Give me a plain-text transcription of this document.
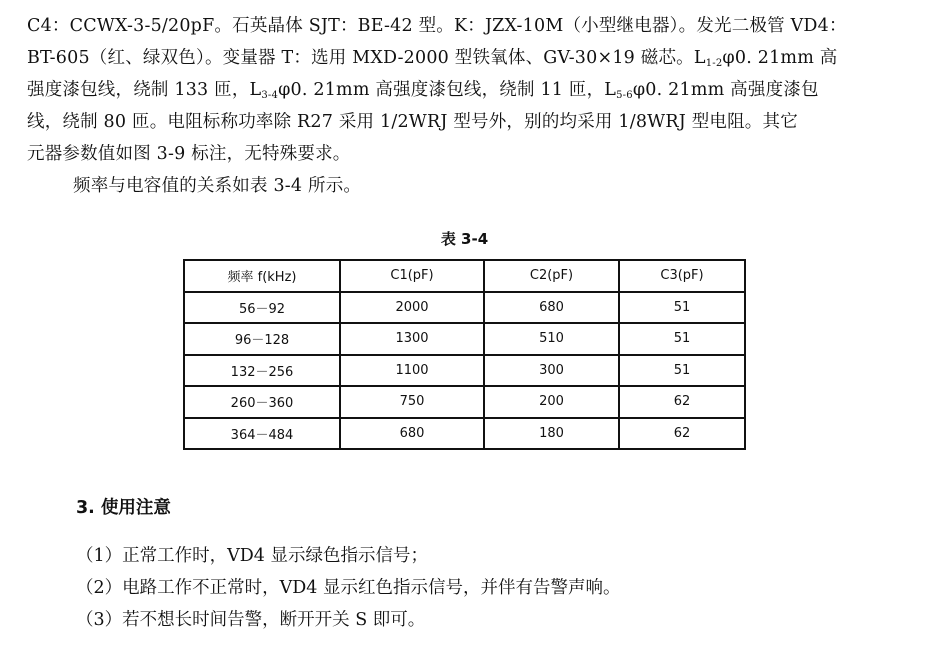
C4：CCWX-3-5/20pF。石英晶体 SJT：BE-42 型。K：JZX-10M（小型继电器）。发光二极管 VD4：
BT-605（红、绿双色）。变量器 T：选用 MXD-2000 型铁氧体、GV-30×19 磁芯。$L_{1-2}\varphi 0$. 21mm 高
强度漆包线，绕制 133 匝，$L_{3-4}\varphi 0$. 21mm 高强度漆包线，绕制 11 匝，$L_{5-6}\varphi 0$. 21mm 高强度漆包
线，绕制 80 匝。电阻标称功率除 R27 采用 1/2WRJ 型号外，别的均采用 1/8WRJ 型电阻。其它
元器参数值如图 3-9 标注，无特殊要求。
频率与电容值的关系如表 3-4 所示。
表 3-4
频率 f(kHz)	C1(pF)	C2(pF)	C3(pF)
56－92	2000	680	51
96－128	1300	510	51
132－256	1100	300	51
260－360	750	200	62
364－484	680	180	62
3. 使用注意
（1）正常工作时，VD4 显示绿色指示信号；
（2）电路工作不正常时，VD4 显示红色指示信号，并伴有告警声响。
（3）若不想长时间告警，断开开关 S 即可。
